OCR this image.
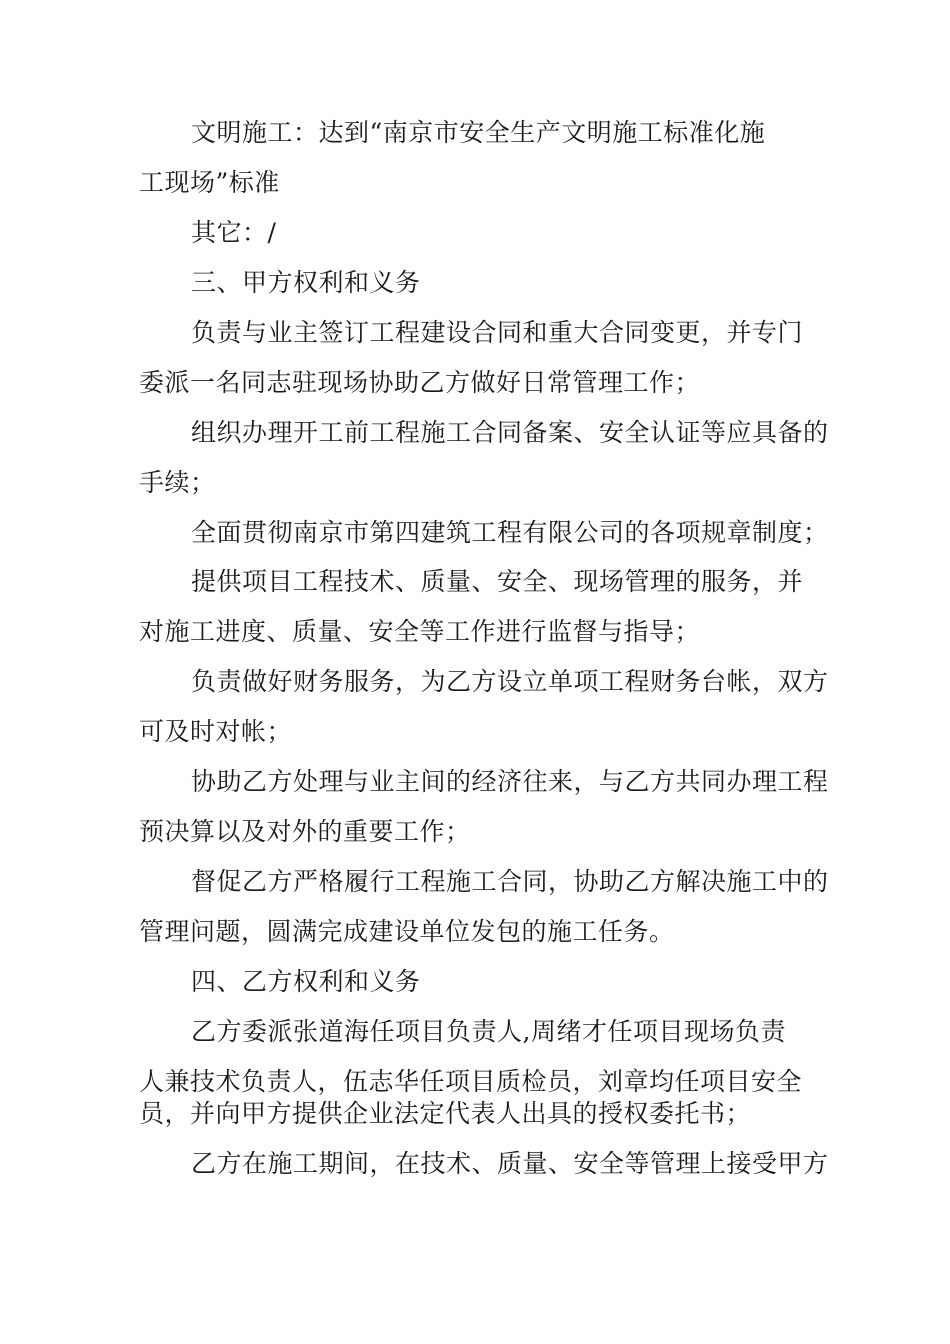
文明施工：达到“南京市安全生产文明施工标准化施
工现场”标准
其它：/
三、甲方权利和义务
负责与业主签订工程建设合同和重大合同变更，并专门
委派一名同志驻现场协助乙方做好日常管理工作；
组织办理开工前工程施工合同备案、安全认证等应具备的
手续；
全面贯彻南京市第四建筑工程有限公司的各项规章制度；
提供项目工程技术、质量、安全、现场管理的服务，并
对施工进度、质量、安全等工作进行监督与指导；
负责做好财务服务，为乙方设立单项工程财务台帐，双方
可及时对帐；
协助乙方处理与业主间的经济往来，与乙方共同办理工程
预决算以及对外的重要工作；
督促乙方严格履行工程施工合同，协助乙方解决施工中的
管理问题，圆满完成建设单位发包的施工任务。
四、乙方权利和义务
乙方委派张道海任项目负责人,周绪才任项目现场负责
人兼技术负责人，伍志华任项目质检员，刘章均任项目安全
员，并向甲方提供企业法定代表人出具的授权委托书；
乙方在施工期间，在技术、质量、安全等管理上接受甲方
